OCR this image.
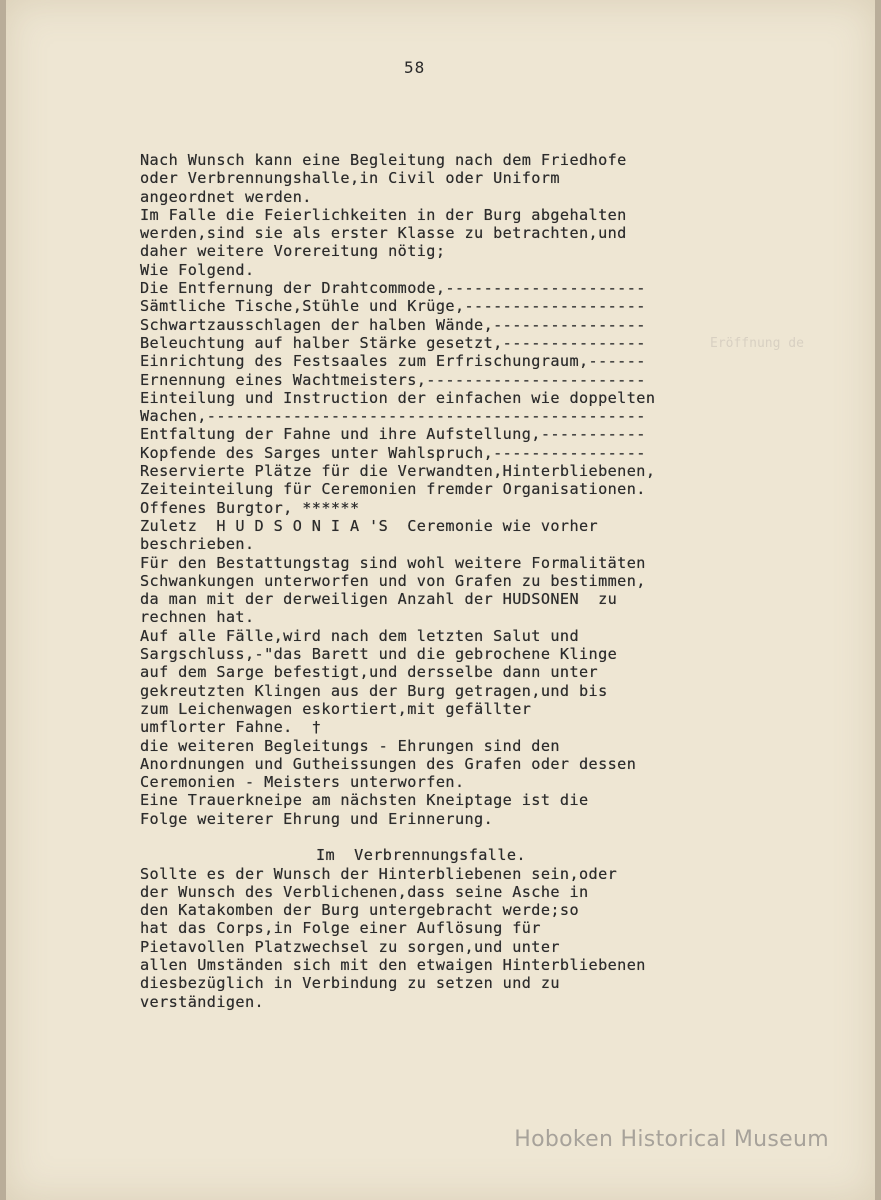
58
Eröffnung de
Nach Wunsch kann eine Begleitung nach dem Friedhofe
oder Verbrennungshalle,in Civil oder Uniform
angeordnet werden.
Im Falle die Feierlichkeiten in der Burg abgehalten
werden,sind sie als erster Klasse zu betrachten,und
daher weitere Vorereitung nötig;
Wie Folgend.
Die Entfernung der Drahtcommode,---------------------
Sämtliche Tische,Stühle und Krüge,-------------------
Schwartzausschlagen der halben Wände,----------------
Beleuchtung auf halber Stärke gesetzt,---------------
Einrichtung des Festsaales zum Erfrischungraum,------
Ernennung eines Wachtmeisters,-----------------------
Einteilung und Instruction der einfachen wie doppelten
Wachen,----------------------------------------------
Entfaltung der Fahne und ihre Aufstellung,-----------
Kopfende des Sarges unter Wahlspruch,----------------
Reservierte Plätze für die Verwandten,Hinterbliebenen,
Zeiteinteilung für Ceremonien fremder Organisationen.
Offenes Burgtor, ******
Zuletz  H U D S O N I A 'S  Ceremonie wie vorher
beschrieben.
Für den Bestattungstag sind wohl weitere Formalitäten
Schwankungen unterworfen und von Grafen zu bestimmen,
da man mit der derweiligen Anzahl der HUDSONEN  zu
rechnen hat.
Auf alle Fälle,wird nach dem letzten Salut und
Sargschluss,-"das Barett und die gebrochene Klinge
auf dem Sarge befestigt,und dersselbe dann unter
gekreutzten Klingen aus der Burg getragen,und bis
zum Leichenwagen eskortiert,mit gefällter
umflorter Fahne.  †
die weiteren Begleitungs - Ehrungen sind den
Anordnungen und Gutheissungen des Grafen oder dessen
Ceremonien - Meisters unterworfen.
Eine Trauerkneipe am nächsten Kneiptage ist die
Folge weiterer Ehrung und Erinnerung.
Im  Verbrennungsfalle.
Sollte es der Wunsch der Hinterbliebenen sein,oder
der Wunsch des Verblichenen,dass seine Asche in
den Katakomben der Burg untergebracht werde;so
hat das Corps,in Folge einer Auflösung für
Pietavollen Platzwechsel zu sorgen,und unter
allen Umständen sich mit den etwaigen Hinterbliebenen
diesbezüglich in Verbindung zu setzen und zu
verständigen.
Hoboken Historical Museum
